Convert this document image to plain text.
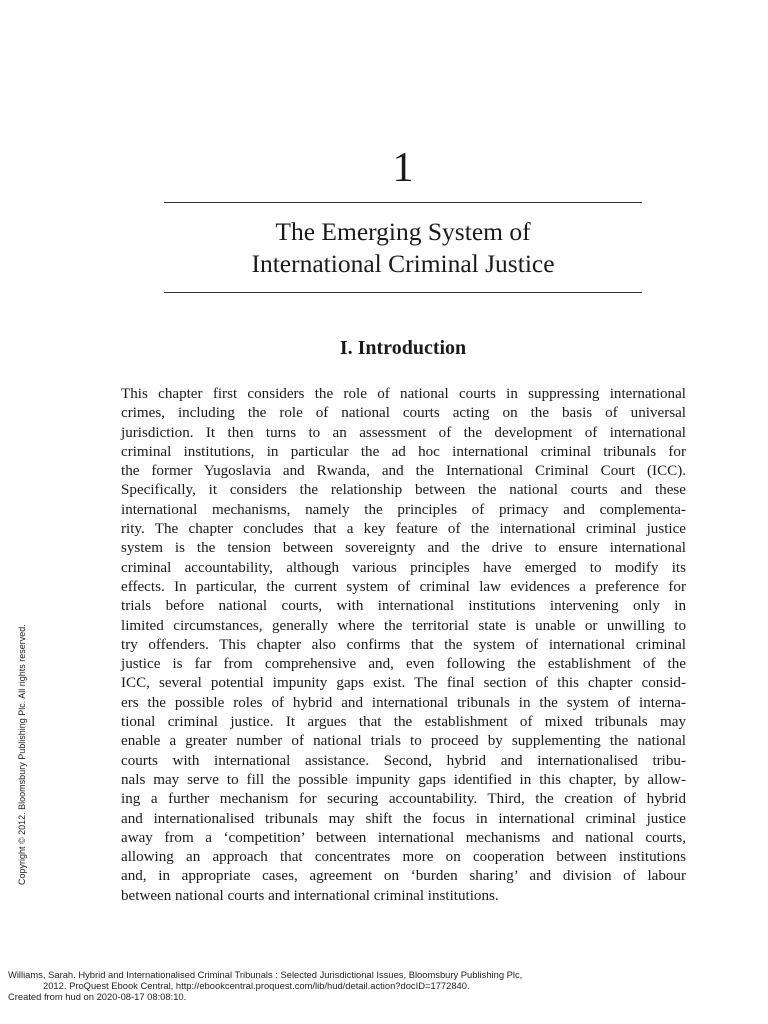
1
The Emerging System of
International Criminal Justice
I. Introduction
This chapter first considers the role of national courts in suppressing international
crimes, including the role of national courts acting on the basis of universal
jurisdiction. It then turns to an assessment of the development of international
criminal institutions, in particular the ad hoc international criminal tribunals for
the former Yugoslavia and Rwanda, and the International Criminal Court (ICC).
Specifically, it considers the relationship between the national courts and these
international mechanisms, namely the principles of primacy and complementa-
rity. The chapter concludes that a key feature of the international criminal justice
system is the tension between sovereignty and the drive to ensure international
criminal accountability, although various principles have emerged to modify its
effects. In particular, the current system of criminal law evidences a preference for
trials before national courts, with international institutions intervening only in
limited circumstances, generally where the territorial state is unable or unwilling to
try offenders. This chapter also confirms that the system of international criminal
justice is far from comprehensive and, even following the establishment of the
ICC, several potential impunity gaps exist. The final section of this chapter consid-
ers the possible roles of hybrid and international tribunals in the system of interna-
tional criminal justice. It argues that the establishment of mixed tribunals may
enable a greater number of national trials to proceed by supplementing the national
courts with international assistance. Second, hybrid and internationalised tribu-
nals may serve to fill the possible impunity gaps identified in this chapter, by allow-
ing a further mechanism for securing accountability. Third, the creation of hybrid
and internationalised tribunals may shift the focus in international criminal justice
away from a ‘competition’ between international mechanisms and national courts,
allowing an approach that concentrates more on cooperation between institutions
and, in appropriate cases, agreement on ‘burden sharing’ and division of labour
between national courts and international criminal institutions.
Copyright © 2012. Bloomsbury Publishing Plc. All rights reserved.
Williams, Sarah. Hybrid and Internationalised Criminal Tribunals : Selected Jurisdictional Issues, Bloomsbury Publishing Plc,
2012. ProQuest Ebook Central, http://ebookcentral.proquest.com/lib/hud/detail.action?docID=1772840.
Created from hud on 2020-08-17 08:08:10.
